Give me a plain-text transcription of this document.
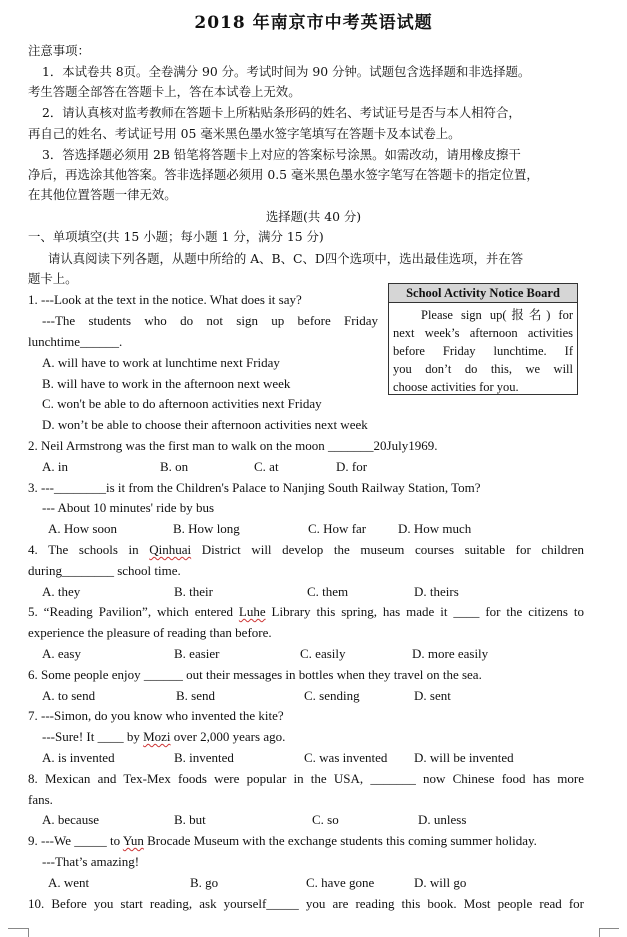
2018 年南京市中考英语试题
注意事项：
1．本试卷共 8页。全卷满分 90 分。考试时间为 90 分钟。试题包含选择题和非选择题。
考生答题全部答在答题卡上，答在本试卷上无效。
2．请认真核对监考教师在答题卡上所粘贴条形码的姓名、考试证号是否与本人相符合，
再自己的姓名、考试证号用 05 毫米黑色墨水签字笔填写在答题卡及本试卷上。
3．答选择题必须用 2B 铅笔将答题卡上对应的答案标号涂黑。如需改动，请用橡皮擦干
净后，再选涂其他答案。答非选择题必须用 0.5 毫米黑色墨水签字笔写在答题卡的指定位置，
在其他位置答题一律无效。
选择题(共 40 分)
一、单项填空(共 15 小题；每小题 1 分，满分 15 分)
请认真阅读下列各题，从题中所给的 A、B、C、D四个选项中，选出最佳选项，并在答
题卡上。
School Activity Notice Board
Please sign up(报名) for
next week’s afternoon activities
before Friday lunchtime. If
you don’t do this, we will
choose activities for you.
1. ---Look at the text in the notice. What does it say?
---The students who do not sign up before Friday
lunchtime______.
A. will have to work at lunchtime next Friday
B. will have to work in the afternoon next week
C. won't be able to do afternoon activities next Friday
D. won’t be able to choose their afternoon activities next week
2. Neil Armstrong was the first man to walk on the moon _______20July1969.
A. in	B. on	C. at	D. for
3. ---________is it from the Children's Palace to Nanjing South Railway Station, Tom?
--- About 10 minutes' ride by bus
A. How soon	B. How long	C. How far D. How much
4. The schools in Qinhuai District will develop the museum courses suitable for children
during________ school time.
A. they	B. their	C. them	D. theirs
5. “Reading Pavilion”, which entered Luhe Library this spring, has made it ____ for the citizens to
experience the pleasure of reading than before.
A. easy	B. easier	C. easily	D. more easily
6. Some people enjoy ______ out their messages in bottles when they travel on the sea.
A. to send	B. send	C. sending	D. sent
7. ---Simon, do you know who invented the kite?
---Sure! It ____ by Mozi over 2,000 years ago.
A. is invented	B. invented	C. was invented D. will be invented
8. Mexican and Tex-Mex foods were popular in the USA, _______ now Chinese food has more
fans.
A. because	B. but	C. so	D. unless
9. ---We _____ to Yun Brocade Museum with the exchange students this coming summer holiday.
---That’s amazing!
A. went	B. go	C. have gone	D. will go
10. Before you start reading, ask yourself_____ you are reading this book. Most people read for
